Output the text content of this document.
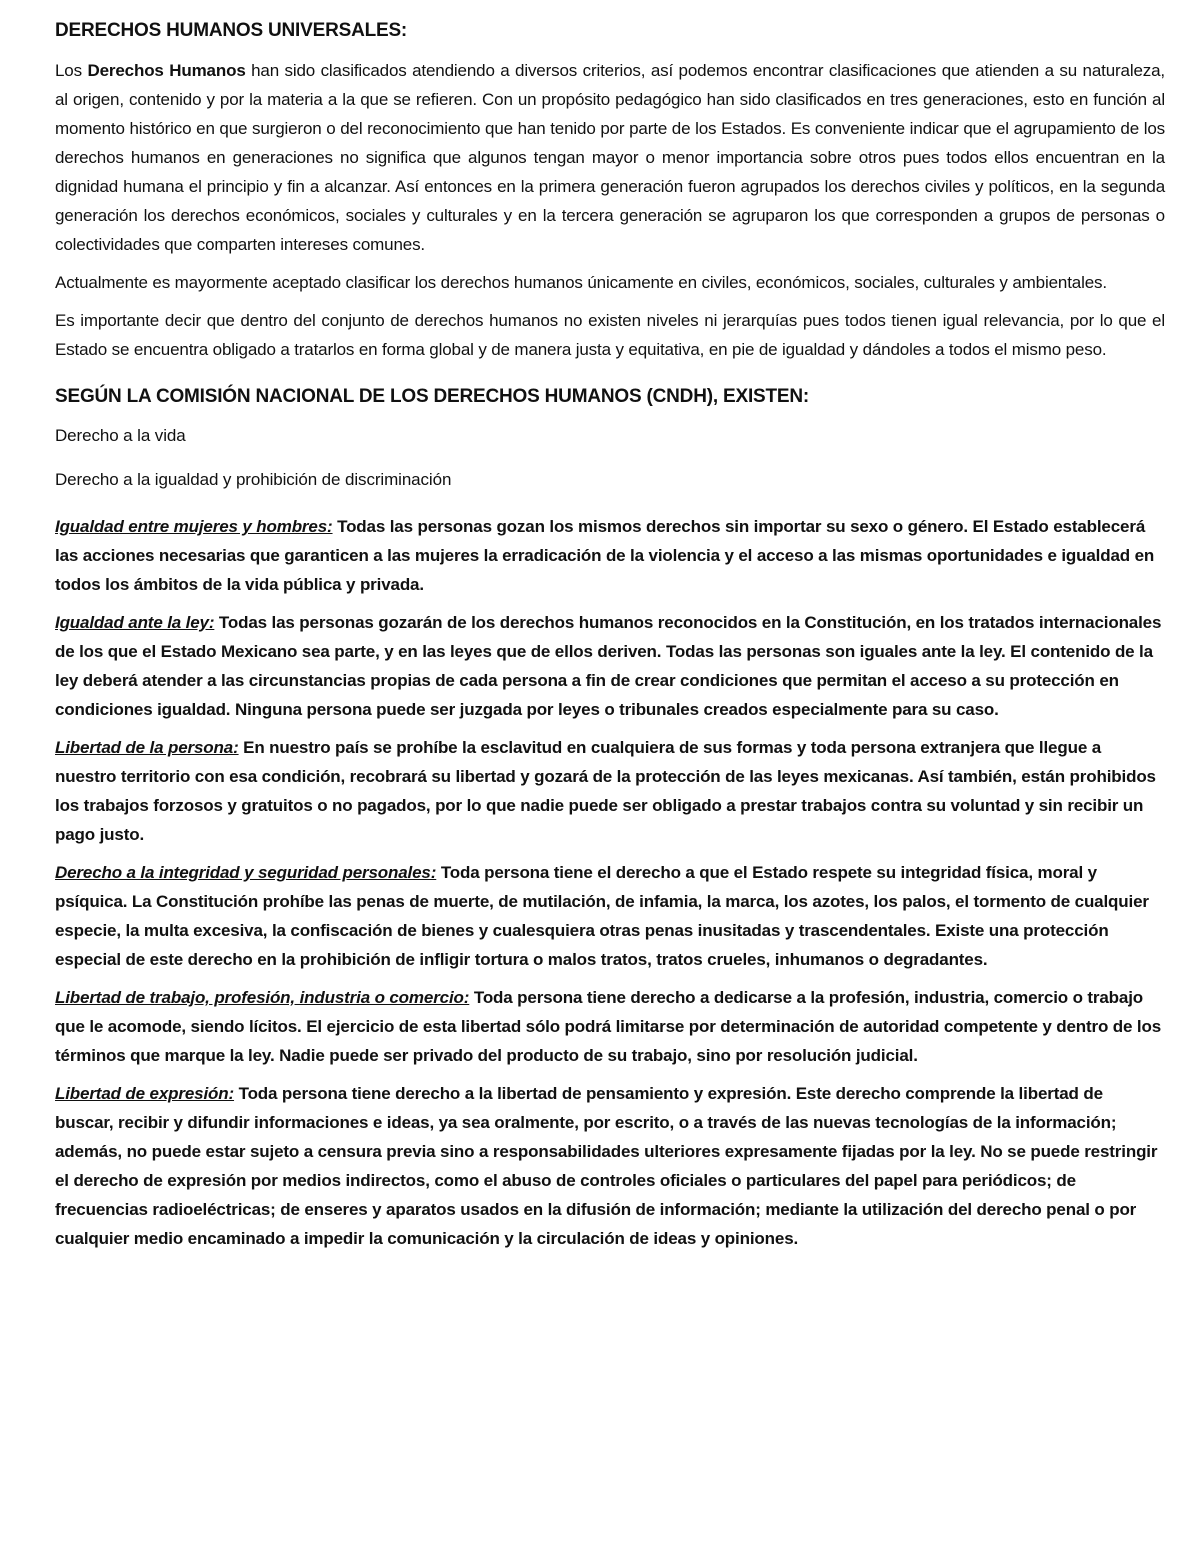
DERECHOS HUMANOS UNIVERSALES:

Los Derechos Humanos han sido clasificados atendiendo a diversos criterios, así podemos encontrar clasificaciones que atienden a su naturaleza, al origen, contenido y por la materia a la que se refieren. Con un propósito pedagógico han sido clasificados en tres generaciones, esto en función al momento histórico en que surgieron o del reconocimiento que han tenido por parte de los Estados. Es conveniente indicar que el agrupamiento de los derechos humanos en generaciones no significa que algunos tengan mayor o menor importancia sobre otros pues todos ellos encuentran en la dignidad humana el principio y fin a alcanzar. Así entonces en la primera generación fueron agrupados los derechos civiles y políticos, en la segunda generación los derechos económicos, sociales y culturales y en la tercera generación se agruparon los que corresponden a grupos de personas o colectividades que comparten intereses comunes.

Actualmente es mayormente aceptado clasificar los derechos humanos únicamente en civiles, económicos, sociales, culturales y ambientales.

Es importante decir que dentro del conjunto de derechos humanos no existen niveles ni jerarquías pues todos tienen igual relevancia, por lo que el Estado se encuentra obligado a tratarlos en forma global y de manera justa y equitativa, en pie de igualdad y dándoles a todos el mismo peso.

SEGÚN LA COMISIÓN NACIONAL DE LOS DERECHOS HUMANOS (CNDH), EXISTEN:

Derecho a la vida

Derecho a la igualdad y prohibición de discriminación

Igualdad entre mujeres y hombres: Todas las personas gozan los mismos derechos sin importar su sexo o género. El Estado establecerá las acciones necesarias que garanticen a las mujeres la erradicación de la violencia y el acceso a las mismas oportunidades e igualdad en todos los ámbitos de la vida pública y privada.

Igualdad ante la ley: Todas las personas gozarán de los derechos humanos reconocidos en la Constitución, en los tratados internacionales de los que el Estado Mexicano sea parte, y en las leyes que de ellos deriven. Todas las personas son iguales ante la ley. El contenido de la ley deberá atender a las circunstancias propias de cada persona a fin de crear condiciones que permitan el acceso a su protección en condiciones igualdad. Ninguna persona puede ser juzgada por leyes o tribunales creados especialmente para su caso.

Libertad de la persona: En nuestro país se prohíbe la esclavitud en cualquiera de sus formas y toda persona extranjera que llegue a nuestro territorio con esa condición, recobrará su libertad y gozará de la protección de las leyes mexicanas. Así también, están prohibidos los trabajos forzosos y gratuitos o no pagados, por lo que nadie puede ser obligado a prestar trabajos contra su voluntad y sin recibir un pago justo.

Derecho a la integridad y seguridad personales: Toda persona tiene el derecho a que el Estado respete su integridad física, moral y psíquica. La Constitución prohíbe las penas de muerte, de mutilación, de infamia, la marca, los azotes, los palos, el tormento de cualquier especie, la multa excesiva, la confiscación de bienes y cualesquiera otras penas inusitadas y trascendentales. Existe una protección especial de este derecho en la prohibición de infligir tortura o malos tratos, tratos crueles, inhumanos o degradantes.

Libertad de trabajo, profesión, industria o comercio: Toda persona tiene derecho a dedicarse a la profesión, industria, comercio o trabajo que le acomode, siendo lícitos. El ejercicio de esta libertad sólo podrá limitarse por determinación de autoridad competente y dentro de los términos que marque la ley. Nadie puede ser privado del producto de su trabajo, sino por resolución judicial.

Libertad de expresión: Toda persona tiene derecho a la libertad de pensamiento y expresión. Este derecho comprende la libertad de buscar, recibir y difundir informaciones e ideas, ya sea oralmente, por escrito, o a través de las nuevas tecnologías de la información; además, no puede estar sujeto a censura previa sino a responsabilidades ulteriores expresamente fijadas por la ley. No se puede restringir el derecho de expresión por medios indirectos, como el abuso de controles oficiales o particulares del papel para periódicos; de frecuencias radioeléctricas; de enseres y aparatos usados en la difusión de información; mediante la utilización del derecho penal o por cualquier medio encaminado a impedir la comunicación y la circulación de ideas y opiniones.
